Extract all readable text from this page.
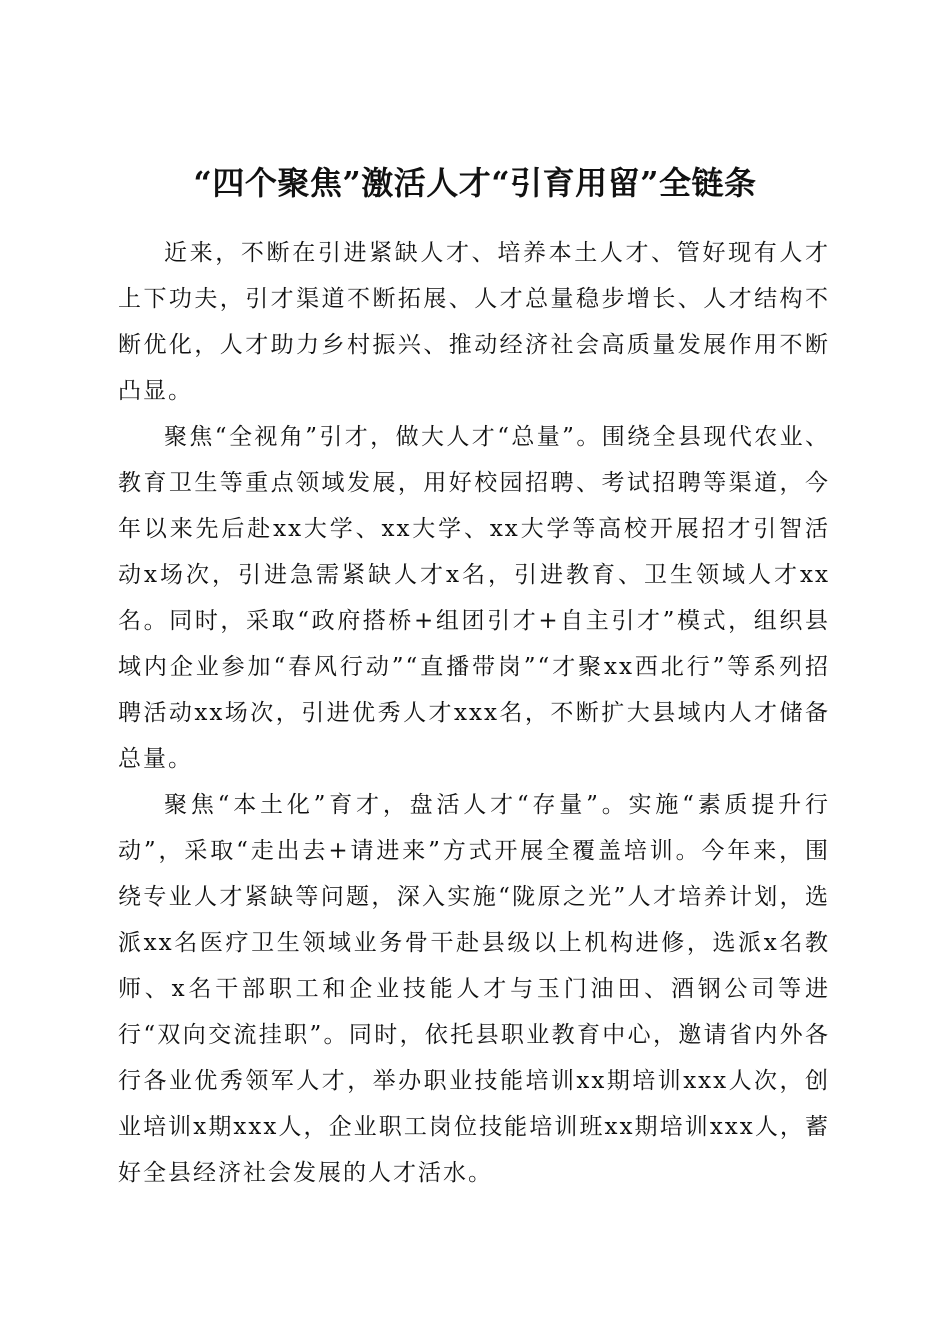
“四个聚焦”激活人才“引育用留”全链条

近来，不断在引进紧缺人才、培养本土人才、管好现有人才上下功夫，引才渠道不断拓展、人才总量稳步增长、人才结构不断优化，人才助力乡村振兴、推动经济社会高质量发展作用不断凸显。

聚焦“全视角”引才，做大人才“总量”。围绕全县现代农业、教育卫生等重点领域发展，用好校园招聘、考试招聘等渠道，今年以来先后赴xx大学、xx大学、xx大学等高校开展招才引智活动x场次，引进急需紧缺人才x名，引进教育、卫生领域人才xx名。同时，采取“政府搭桥+组团引才+自主引才”模式，组织县域内企业参加“春风行动”“直播带岗”“才聚xx西北行”等系列招聘活动xx场次，引进优秀人才xxx名，不断扩大县域内人才储备总量。

聚焦“本土化”育才，盘活人才“存量”。实施“素质提升行动”，采取“走出去+请进来”方式开展全覆盖培训。今年来，围绕专业人才紧缺等问题，深入实施“陇原之光”人才培养计划，选派xx名医疗卫生领域业务骨干赴县级以上机构进修，选派x名教师、x名干部职工和企业技能人才与玉门油田、酒钢公司等进行“双向交流挂职”。同时，依托县职业教育中心，邀请省内外各行各业优秀领军人才，举办职业技能培训xx期培训xxx人次，创业培训x期xxx人，企业职工岗位技能培训班xx期培训xxx人，蓄好全县经济社会发展的人才活水。
